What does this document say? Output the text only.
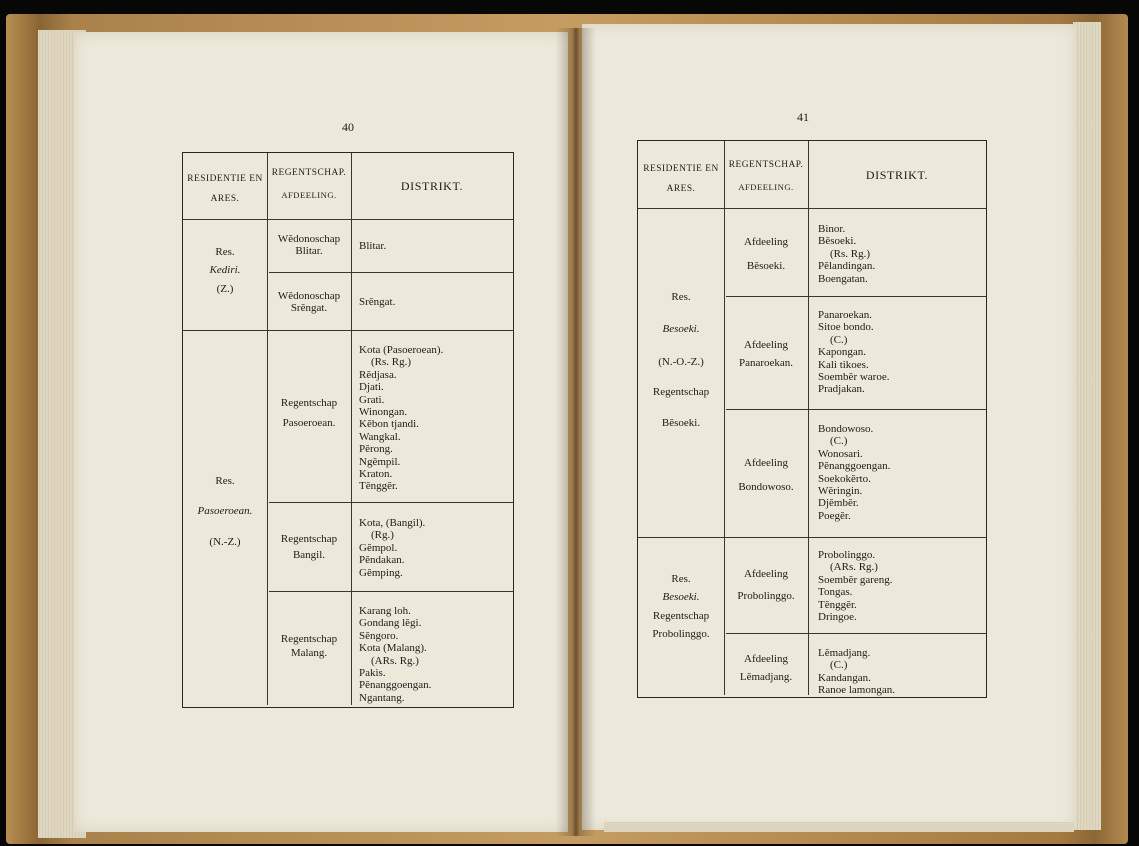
40

RESIDENTIE EN
ARES.
REGENTSCHAP.
AFDEELING.
DISTRIKT.
Res.
Kediri.
(Z.)
Wĕdonoschap
Blitar.	Blitar.
Wĕdonoschap
Srĕngat.
Srĕngat.
Res.
Pasoeroean.
(N.-Z.)
Regentschap
Pasoeroean.
Kota (Pasoeroean).
(Rs. Rg.)
Rĕdjasa.
Djati.
Grati.
Winongan.
Kĕbon tjandi.
Wangkal.
Pĕrong.
Ngĕmpil.
Kraton.
Tĕnggĕr.
Regentschap
Bangil.
Kota, (Bangil).
(Rg.)
Gĕmpol.
Pĕndakan.
Gĕmping.
Regentschap
Malang.
Karang loh.
Gondang lĕgi.
Sĕngoro.
Kota (Malang).
(ARs. Rg.)
Pakis.
Pĕnanggoengan.
Ngantang.
41
RESIDENTIE EN
ARES.
REGENTSCHAP.
AFDEELING.
DISTRIKT.
Res.
Besoeki.
(N.-O.-Z.)
Regentschap
Bĕsoeki.
Afdeeling
Bĕsoeki.
Binor.
Bĕsoeki.
(Rs. Rg.)
Pĕlandingan.
Boengatan.
Afdeeling
Panaroekan.
Panaroekan.
Sitoe bondo.
(C.)
Kapongan.
Kali tikoes.
Soembĕr waroe.
Pradjakan.
Afdeeling
Bondowoso.
Bondowoso.
(C.)
Wonosari.
Pĕnanggoengan.
Soekokĕrto.
Wĕringin.
Djĕmbĕr.
Poegĕr.
Res.
Besoeki.
Regentschap
Probolinggo.
Afdeeling
Probolinggo.
Probolinggo.
(ARs. Rg.)
Soembĕr gareng.
Tongas.
Tĕnggĕr.
Dringoe.
Afdeeling
Lĕmadjang.
Lĕmadjang.
(C.)
Kandangan.
Ranoe lamongan.
